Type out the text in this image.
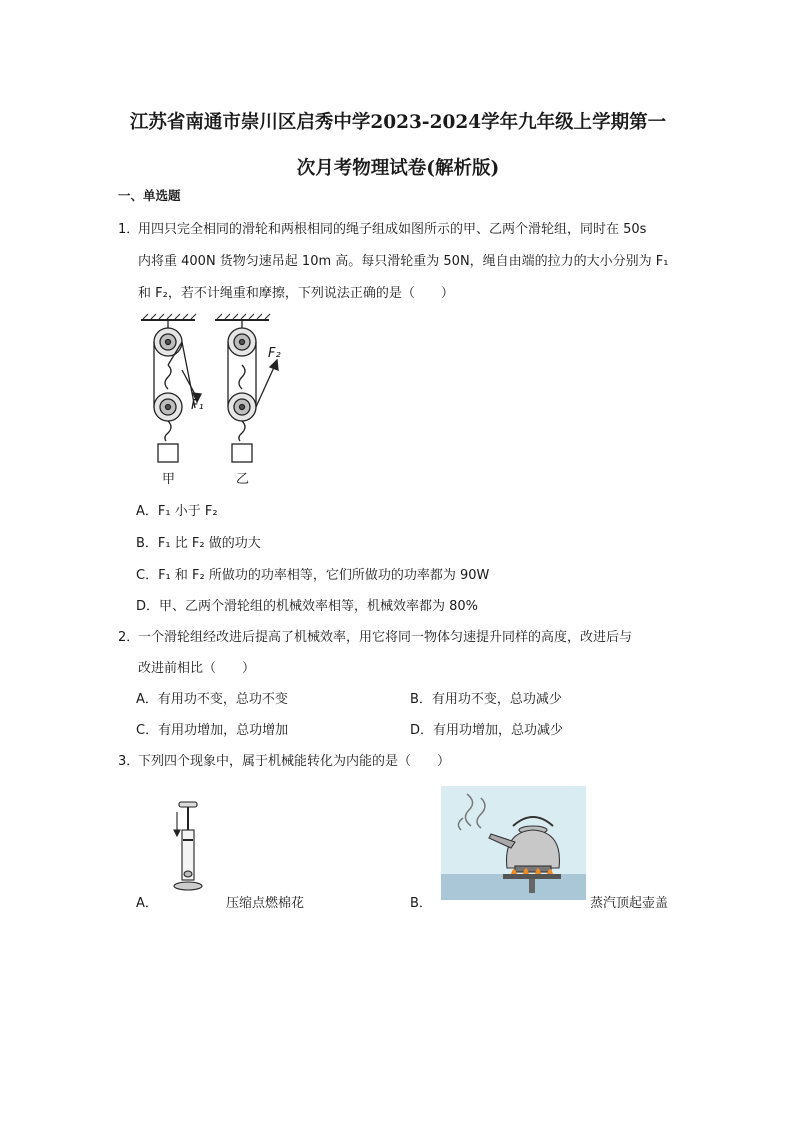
江苏省南通市崇川区启秀中学2023-2024学年九年级上学期第一
次月考物理试卷(解析版)
一、单选题
1．
用四只完全相同的滑轮和两根相同的绳子组成如图所示的甲、乙两个滑轮组，同时在 50s
内将重 400N 货物匀速吊起 10m 高。每只滑轮重为 50N，绳自由端的拉力的大小分别为 F₁
和 F₂，若不计绳重和摩擦，下列说法正确的是（　　）
F₁
F₂
甲	乙
A．F₁ 小于 F₂
B．F₁ 比 F₂ 做的功大
C．F₁ 和 F₂ 所做功的功率相等，它们所做功的功率都为 90W
D．甲、乙两个滑轮组的机械效率相等，机械效率都为 80%
2．
一个滑轮组经改进后提高了机械效率，用它将同一物体匀速提升同样的高度，改进后与
改进前相比（　　）
A．有用功不变，总功不变	B．有用功不变，总功减少
C．有用功增加，总功增加	D．有用功增加，总功减少
3．
下列四个现象中，属于机械能转化为内能的是（　　）
A．	压缩点燃棉花	B．	蒸汽顶起壶盖
